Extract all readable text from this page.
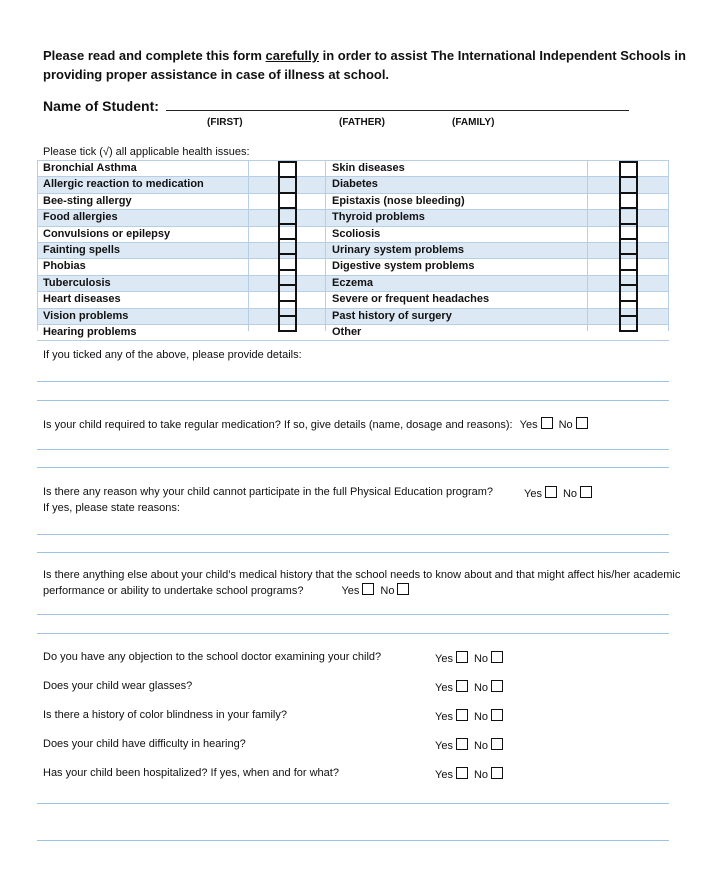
Please read and complete this form carefully in order to assist The International Independent Schools in
providing proper assistance in case of illness at school.
Name of Student:
(FIRST)	(FATHER)	(FAMILY)
Please tick (√) all applicable health issues:
Bronchial Asthma	Skin diseases
Allergic reaction to medication	Diabetes
Bee-sting allergy	Epistaxis (nose bleeding)
Food allergies	Thyroid problems
Convulsions or epilepsy	Scoliosis
Fainting spells	Urinary system problems
Phobias	Digestive system problems
Tuberculosis	Eczema
Heart diseases	Severe or frequent headaches
Vision problems	Past history of surgery
Hearing problems	Other
If you ticked any of the above, please provide details:
Is your child required to take regular medication? If so, give details (name, dosage and reasons): Yes No
Is there any reason why your child cannot participate in the full Physical Education program?	Yes No
If yes, please state reasons:
Is there anything else about your child’s medical history that the school needs to know about and that might affect his/her academic
performance or ability to undertake school programs?	Yes No
Do you have any objection to the school doctor examining your child?	Yes No
Does your child wear glasses?	Yes No
Is there a history of color blindness in your family?	Yes No
Does your child have difficulty in hearing?	Yes No
Has your child been hospitalized? If yes, when and for what?	Yes No
